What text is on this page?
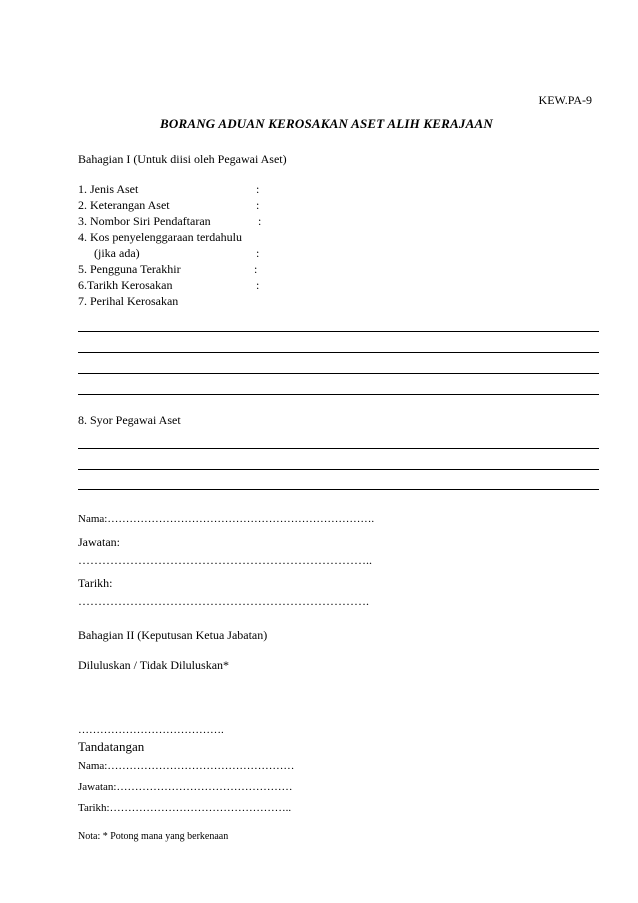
KEW.PA-9
BORANG ADUAN KEROSAKAN ASET ALIH KERAJAAN
Bahagian I (Untuk diisi oleh Pegawai Aset)
1. Jenis Aset	:
2. Keterangan Aset	:
3. Nombor Siri Pendaftaran	:
4. Kos penyelenggaraan terdahulu
(jika ada)	:
5. Pengguna Terakhir	:
6.Tarikh Kerosakan	:
7. Perihal Kerosakan
8. Syor Pegawai Aset
Nama:……………………………………………………………….
Jawatan:
………………………………………………………………..
Tarikh:
……………………………………………………………….
Bahagian II (Keputusan Ketua Jabatan)
Diluluskan / Tidak Diluluskan*
………………………………….
Tandatangan
Nama:……………………………………………
Jawatan:…………………………………………
Tarikh:…………………………………………..
Nota: * Potong mana yang berkenaan
